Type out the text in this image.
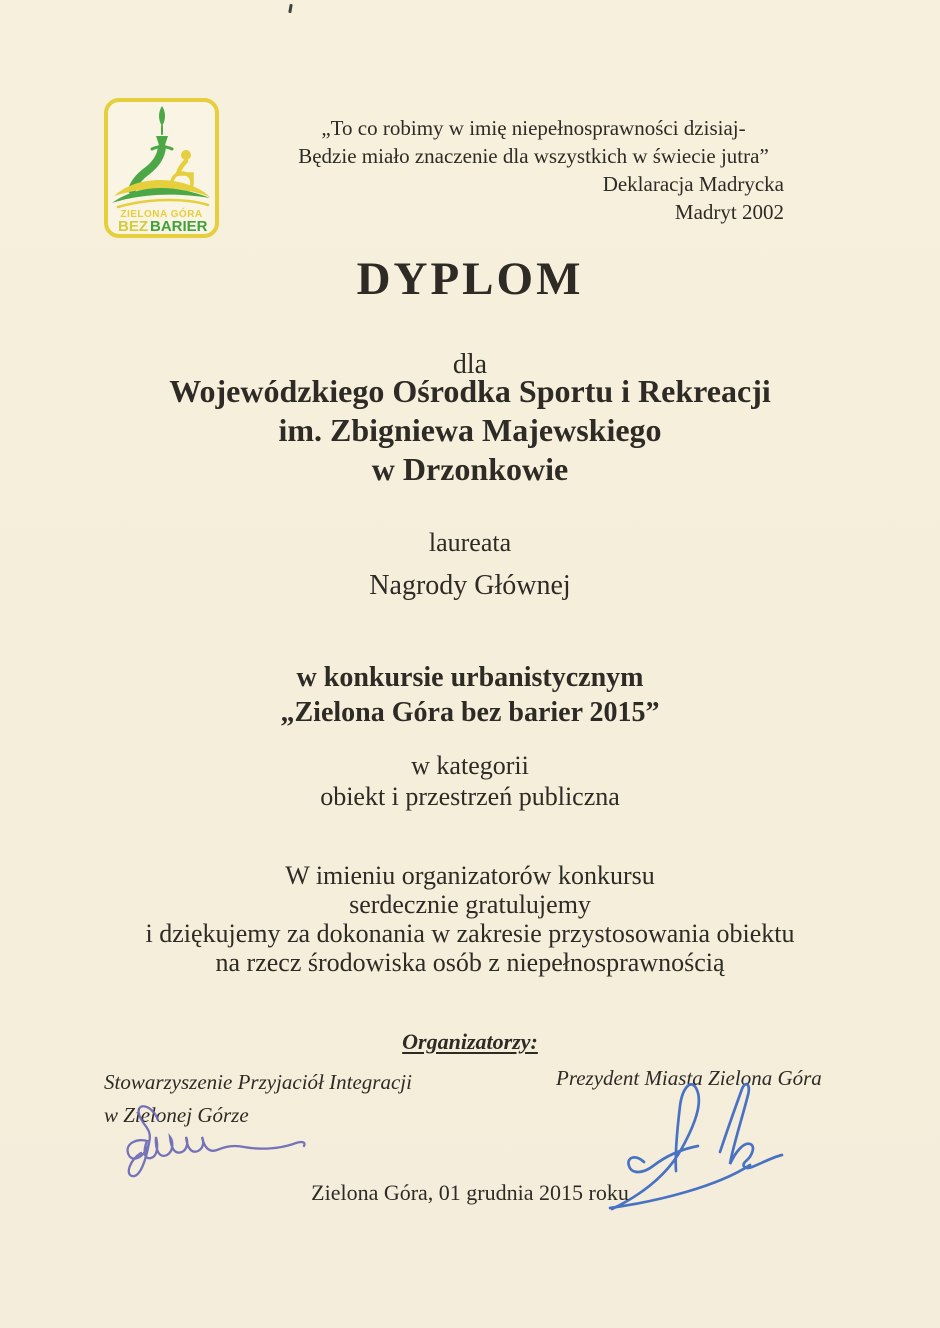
ZIELONA GÓRA
BEZ BARIER
„To co robimy w imię niepełnosprawności dzisiaj-
Będzie miało znaczenie dla wszystkich w świecie jutra”
Deklaracja Madrycka
Madryt 2002
DYPLOM
dla
Wojewódzkiego Ośrodka Sportu i Rekreacji
im. Zbigniewa Majewskiego
w Drzonkowie
laureata
Nagrody Głównej
w konkursie urbanistycznym
„Zielona Góra bez barier 2015”
w kategorii
obiekt i przestrzeń publiczna
W imieniu organizatorów konkursu
serdecznie gratulujemy
i dziękujemy za dokonania w zakresie przystosowania obiektu
na rzecz środowiska osób z niepełnosprawnością
Organizatorzy:
Stowarzyszenie Przyjaciół Integracji
w Zielonej Górze
Prezydent Miasta Zielona Góra
Zielona Góra, 01 grudnia 2015 roku
